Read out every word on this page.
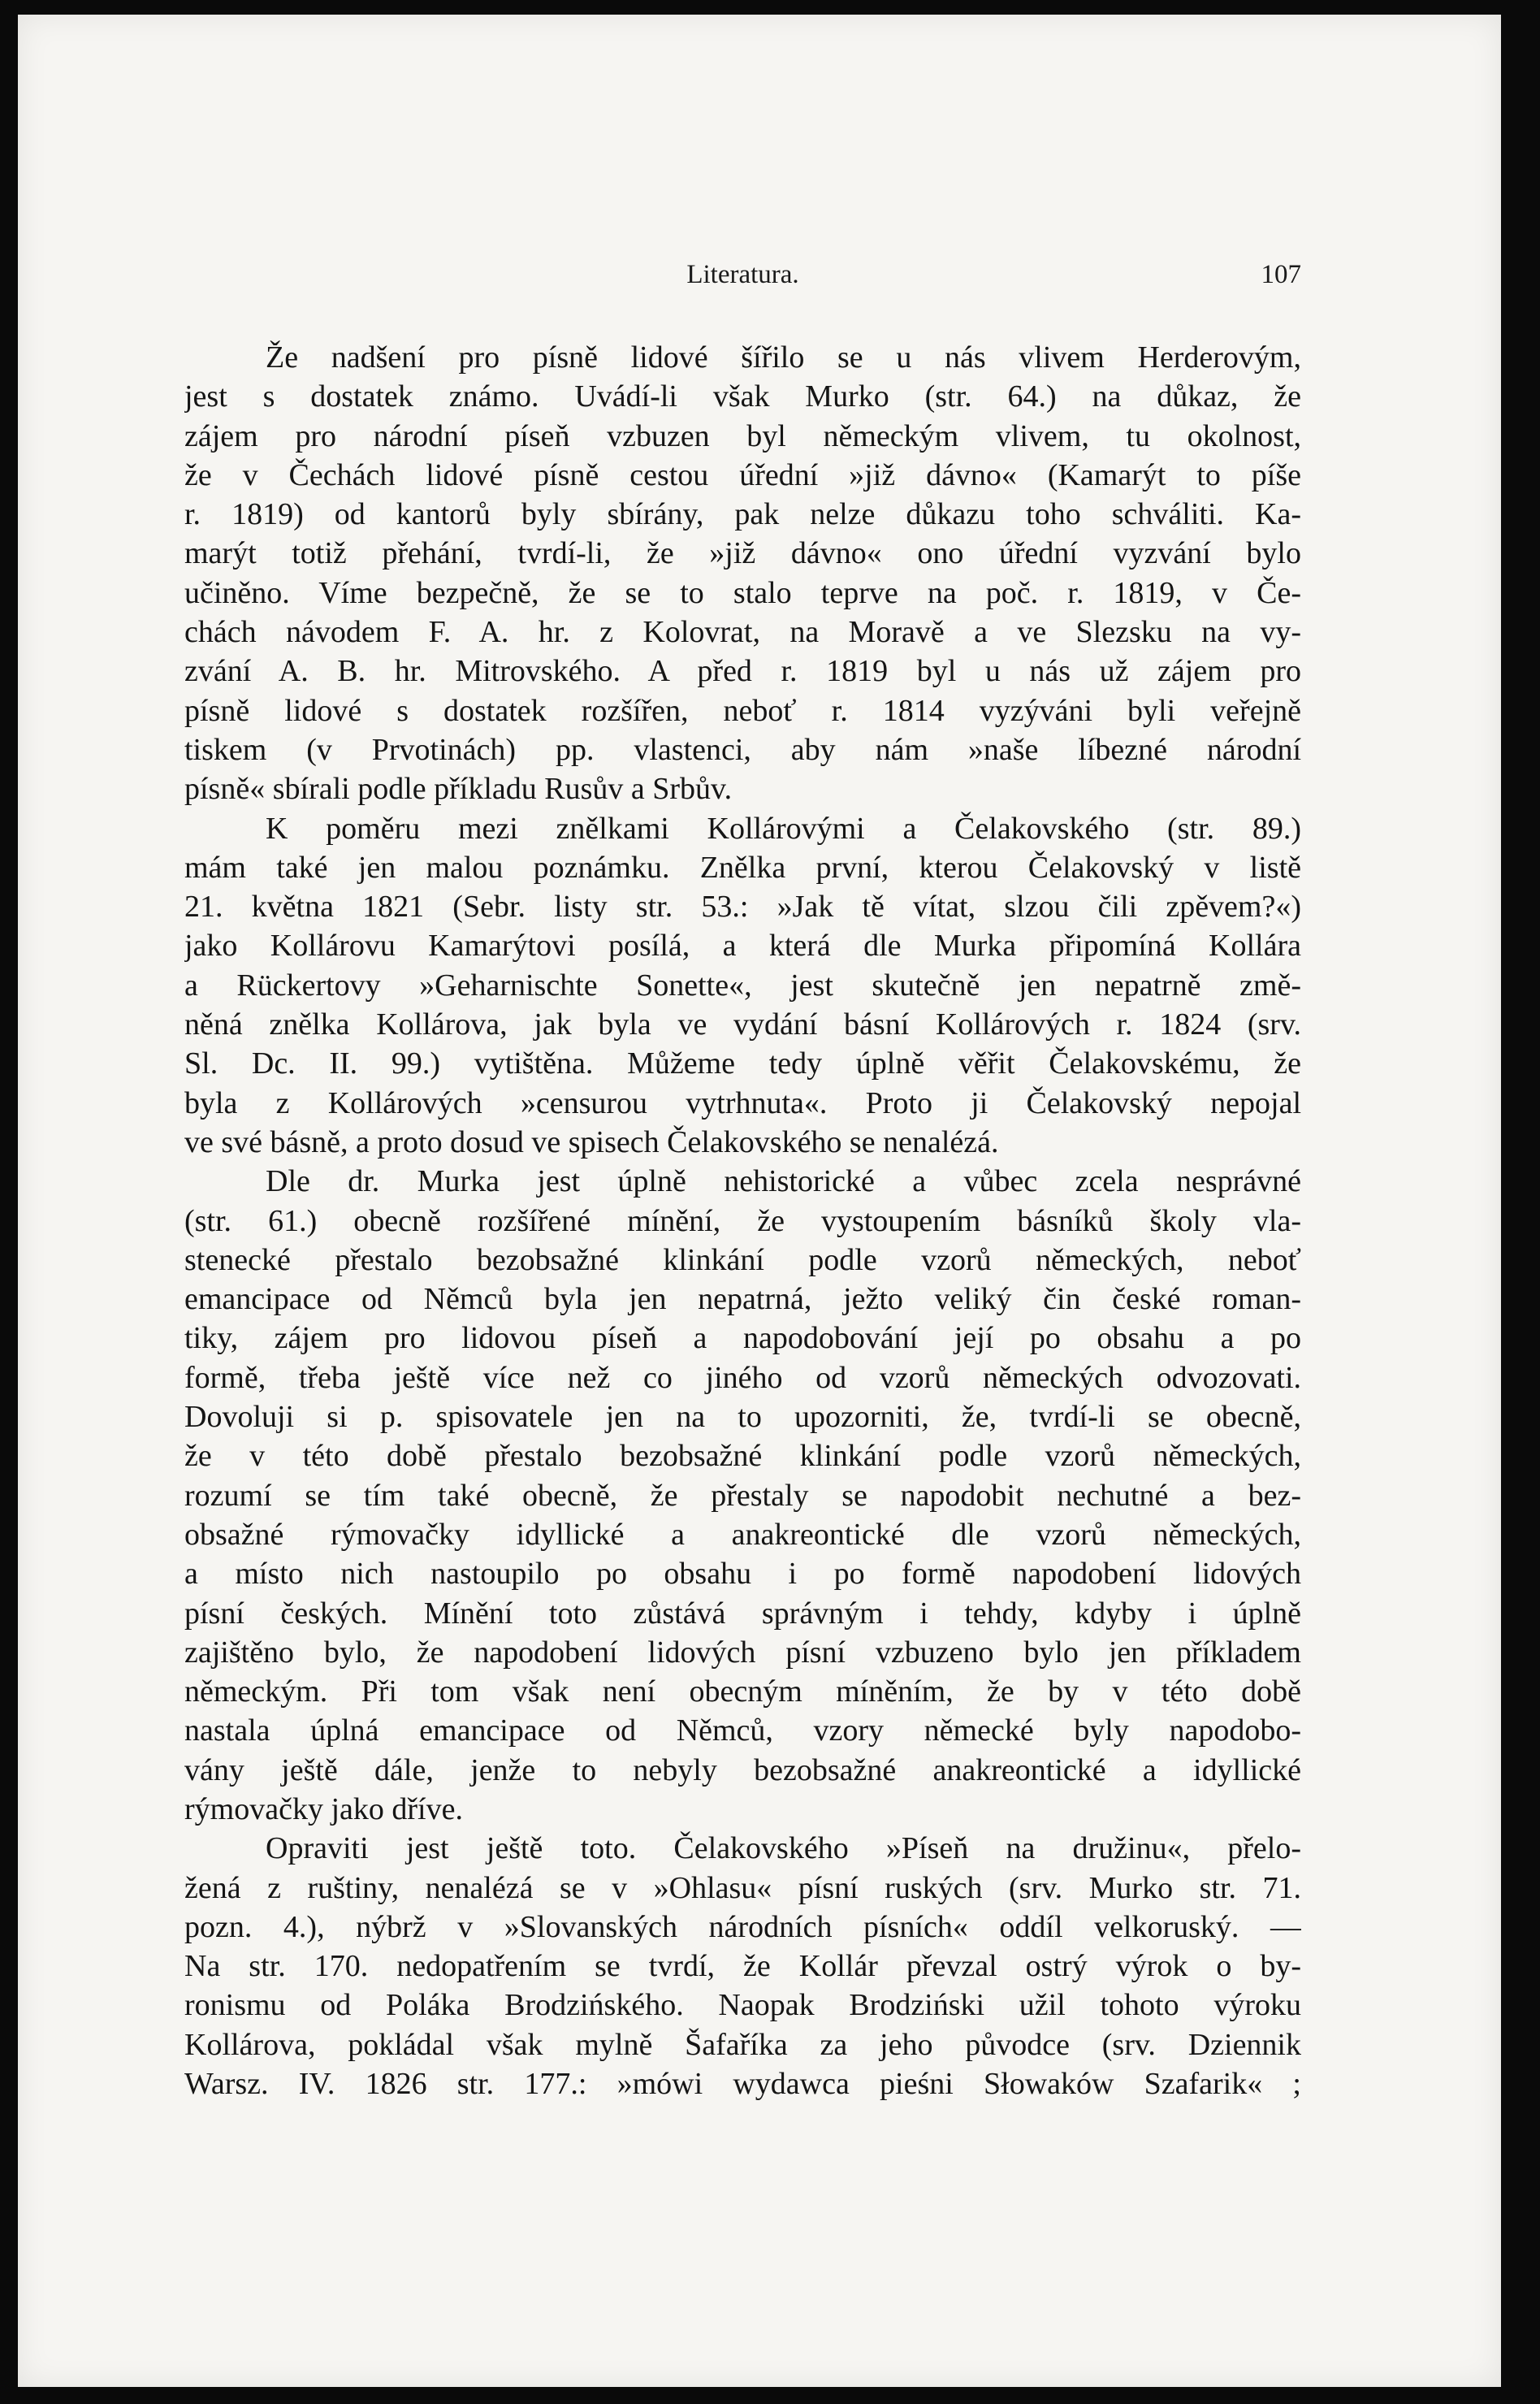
Literatura.	107
Že nadšení pro písně lidové šířilo se u nás vlivem Herderovým,
jest s dostatek známo. Uvádí-li však Murko (str. 64.) na důkaz, že
zájem pro národní píseň vzbuzen byl německým vlivem, tu okolnost,
že v Čechách lidové písně cestou úřední »již dávno« (Kamarýt to píše
r. 1819) od kantorů byly sbírány, pak nelze důkazu toho schváliti. Ka-
marýt totiž přehání, tvrdí-li, že »již dávno« ono úřední vyzvání bylo
učiněno. Víme bezpečně, že se to stalo teprve na poč. r. 1819, v Če-
chách návodem F. A. hr. z Kolovrat, na Moravě a ve Slezsku na vy-
zvání A. B. hr. Mitrovského. A před r. 1819 byl u nás už zájem pro
písně lidové s dostatek rozšířen, neboť r. 1814 vyzýváni byli veřejně
tiskem (v Prvotinách) pp. vlastenci, aby nám »naše líbezné národní
písně« sbírali podle příkladu Rusův a Srbův.
K poměru mezi znělkami Kollárovými a Čelakovského (str. 89.)
mám také jen malou poznámku. Znělka první, kterou Čelakovský v listě
21. května 1821 (Sebr. listy str. 53.: »Jak tě vítat, slzou čili zpěvem?«)
jako Kollárovu Kamarýtovi posílá, a která dle Murka připomíná Kollára
a Rückertovy »Geharnischte Sonette«, jest skutečně jen nepatrně změ-
něná znělka Kollárova, jak byla ve vydání básní Kollárových r. 1824 (srv.
Sl. Dc. II. 99.) vytištěna. Můžeme tedy úplně věřit Čelakovskému, že
byla z Kollárových »censurou vytrhnuta«. Proto ji Čelakovský nepojal
ve své básně, a proto dosud ve spisech Čelakovského se nenalézá.
Dle dr. Murka jest úplně nehistorické a vůbec zcela nesprávné
(str. 61.) obecně rozšířené mínění, že vystoupením básníků školy vla-
stenecké přestalo bezobsažné klinkání podle vzorů německých, neboť
emancipace od Němců byla jen nepatrná, ježto veliký čin české roman-
tiky, zájem pro lidovou píseň a napodobování její po obsahu a po
formě, třeba ještě více než co jiného od vzorů německých odvozovati.
Dovoluji si p. spisovatele jen na to upozorniti, že, tvrdí-li se obecně,
že v této době přestalo bezobsažné klinkání podle vzorů německých,
rozumí se tím také obecně, že přestaly se napodobit nechutné a bez-
obsažné rýmovačky idyllické a anakreontické dle vzorů německých,
a místo nich nastoupilo po obsahu i po formě napodobení lidových
písní českých. Mínění toto zůstává správným i tehdy, kdyby i úplně
zajištěno bylo, že napodobení lidových písní vzbuzeno bylo jen příkladem
německým. Při tom však není obecným míněním, že by v této době
nastala úplná emancipace od Němců, vzory německé byly napodobo-
vány ještě dále, jenže to nebyly bezobsažné anakreontické a idyllické
rýmovačky jako dříve.
Opraviti jest ještě toto. Čelakovského »Píseň na družinu«, přelo-
žená z ruštiny, nenalézá se v »Ohlasu« písní ruských (srv. Murko str. 71.
pozn. 4.), nýbrž v »Slovanských národních písních« oddíl velkoruský. —
Na str. 170. nedopatřením se tvrdí, že Kollár převzal ostrý výrok o by-
ronismu od Poláka Brodzińského. Naopak Brodziński užil tohoto výroku
Kollárova, pokládal však mylně Šafaříka za jeho původce (srv. Dziennik
Warsz. IV. 1826 str. 177.: »mówi wydawca pieśni Słowaków Szafarik« ;
